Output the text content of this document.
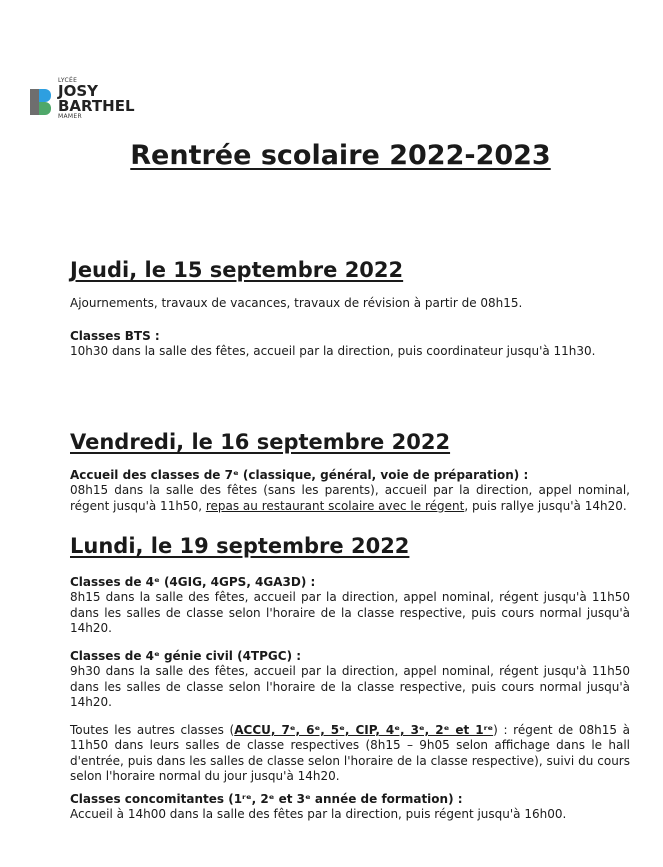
LYCÉE
JOSY
BARTHEL
MAMER
Rentrée scolaire 2022-2023
Jeudi, le 15 septembre 2022
Ajournements, travaux de vacances, travaux de révision à partir de 08h15.
Classes BTS :
10h30 dans la salle des fêtes, accueil par la direction, puis coordinateur jusqu'à 11h30.
Vendredi, le 16 septembre 2022
Accueil des classes de 7ᵉ (classique, général, voie de préparation) :
08h15 dans la salle des fêtes (sans les parents), accueil par la direction, appel nominal, régent jusqu'à 11h50, repas au restaurant scolaire avec le régent, puis rallye jusqu'à 14h20.
Lundi, le 19 septembre 2022
Classes de 4ᵉ (4GIG, 4GPS, 4GA3D) :
8h15 dans la salle des fêtes, accueil par la direction, appel nominal, régent jusqu'à 11h50 dans les salles de classe selon l'horaire de la classe respective, puis cours normal jusqu'à 14h20.
Classes de 4ᵉ génie civil (4TPGC) :
9h30 dans la salle des fêtes, accueil par la direction, appel nominal, régent jusqu'à 11h50 dans les salles de classe selon l'horaire de la classe respective, puis cours normal jusqu'à 14h20.
Toutes les autres classes (ACCU, 7ᵉ, 6ᵉ, 5ᵉ, CIP, 4ᵉ, 3ᵉ, 2ᵉ et 1ʳᵉ) : régent de 08h15 à 11h50 dans leurs salles de classe respectives (8h15 – 9h05 selon affichage dans le hall d'entrée, puis dans les salles de classe selon l'horaire de la classe respective), suivi du cours selon l'horaire normal du jour jusqu'à 14h20.
Classes concomitantes (1ʳᵉ, 2ᵉ et 3ᵉ année de formation) :
Accueil à 14h00 dans la salle des fêtes par la direction, puis régent jusqu'à 16h00.
